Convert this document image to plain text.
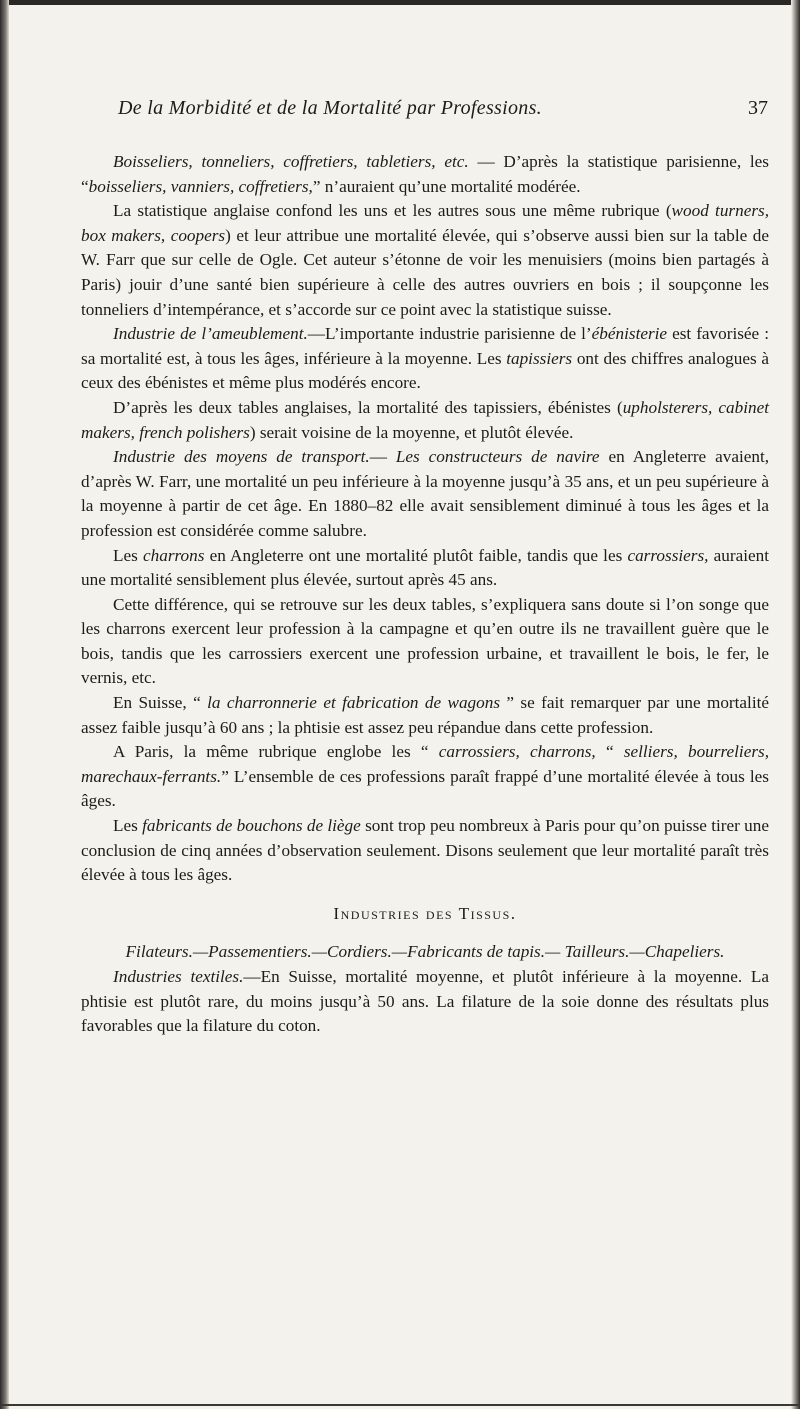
De la Morbidité et de la Mortalité par Professions.	37

Boisseliers, tonneliers, coffretiers, tabletiers, etc. — D’après la statistique parisienne, les “boisseliers, vanniers, coffretiers,” n’auraient qu’une mortalité modérée.

La statistique anglaise confond les uns et les autres sous une même rubrique (wood turners, box makers, coopers) et leur attribue une mortalité élevée, qui s’observe aussi bien sur la table de W. Farr que sur celle de Ogle. Cet auteur s’étonne de voir les menuisiers (moins bien partagés à Paris) jouir d’une santé bien supérieure à celle des autres ouvriers en bois ; il soupçonne les tonneliers d’intempérance, et s’accorde sur ce point avec la statistique suisse.

Industrie de l’ameublement.—L’importante industrie parisienne de l’ébénisterie est favorisée : sa mortalité est, à tous les âges, inférieure à la moyenne. Les tapissiers ont des chiffres analogues à ceux des ébénistes et même plus modérés encore.

D’après les deux tables anglaises, la mortalité des tapissiers, ébénistes (upholsterers, cabinet makers, french polishers) serait voisine de la moyenne, et plutôt élevée.

Industrie des moyens de transport.— Les constructeurs de navire en Angleterre avaient, d’après W. Farr, une mortalité un peu inférieure à la moyenne jusqu’à 35 ans, et un peu supérieure à la moyenne à partir de cet âge. En 1880–82 elle avait sensiblement diminué à tous les âges et la profession est considérée comme salubre.

Les charrons en Angleterre ont une mortalité plutôt faible, tandis que les carrossiers, auraient une mortalité sensiblement plus élevée, surtout après 45 ans.

Cette différence, qui se retrouve sur les deux tables, s’expliquera sans doute si l’on songe que les charrons exercent leur profession à la campagne et qu’en outre ils ne travaillent guère que le bois, tandis que les carrossiers exercent une profession urbaine, et travaillent le bois, le fer, le vernis, etc.

En Suisse, “ la charronnerie et fabrication de wagons ” se fait remarquer par une mortalité assez faible jusqu’à 60 ans ; la phtisie est assez peu répandue dans cette profession.

A Paris, la même rubrique englobe les “ carrossiers, charrons, “ selliers, bourreliers, marechaux-ferrants.” L’ensemble de ces professions paraît frappé d’une mortalité élevée à tous les âges.

Les fabricants de bouchons de liège sont trop peu nombreux à Paris pour qu’on puisse tirer une conclusion de cinq années d’observation seulement. Disons seulement que leur mortalité paraît très élevée à tous les âges.

Industries des Tissus.

Filateurs.—Passementiers.—Cordiers.—Fabricants de tapis.— Tailleurs.—Chapeliers.

Industries textiles.—En Suisse, mortalité moyenne, et plutôt inférieure à la moyenne. La phtisie est plutôt rare, du moins jusqu’à 50 ans. La filature de la soie donne des résultats plus favorables que la filature du coton.
